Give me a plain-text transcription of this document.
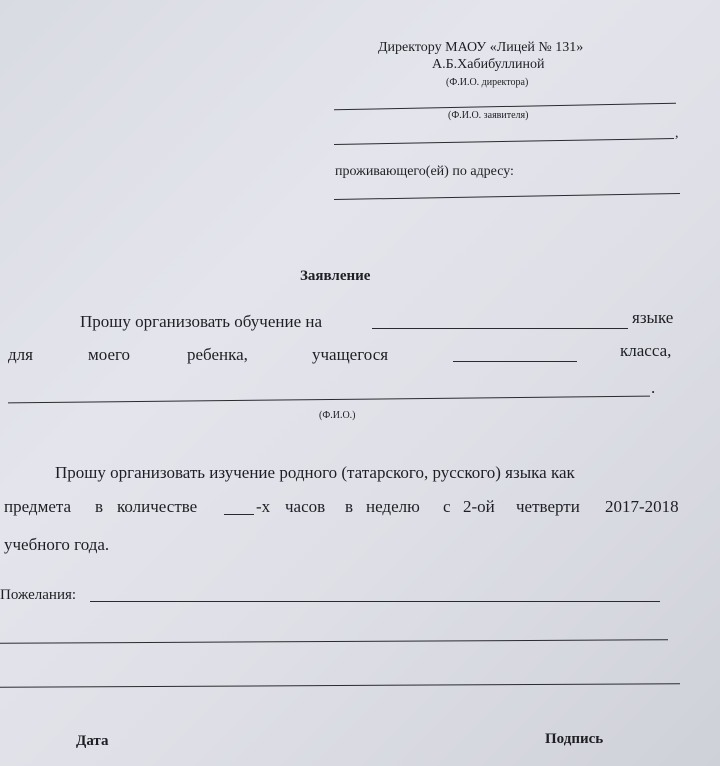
Директору МАОУ «Лицей № 131»
А.Б.Хабибуллиной
(Ф.И.О. директора)
(Ф.И.О. заявителя)
,
проживающего(ей) по адресу:
Заявление
Прошу организовать обучение на	языке
для	моего	ребенка,	учащегося	класса,
.
(Ф.И.О.)
Прошу организовать изучение родного (татарского, русского) языка как
предмета в количестве	-х часов в неделю с 2-ой четверти 2017-2018
учебного года.
Пожелания:
Дата	Подпись
